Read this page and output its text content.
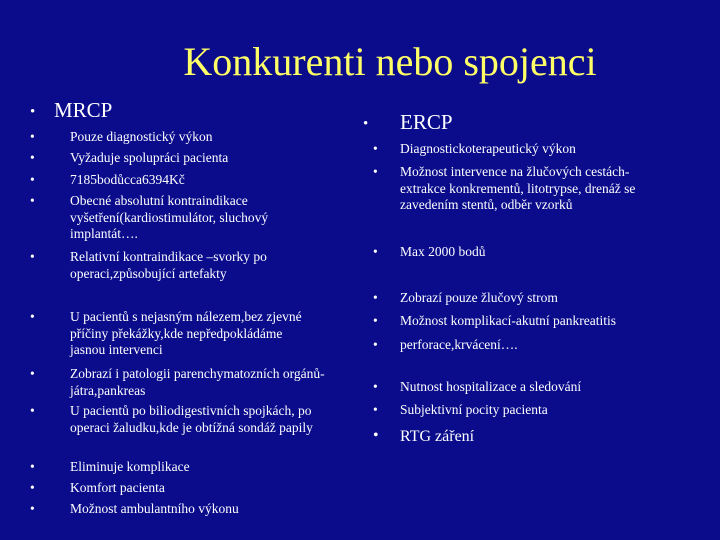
Konkurenti nebo spojenci
• MRCP
•	Pouze diagnostický výkon
•	Vyžaduje spolupráci pacienta
•	7185bodůcca6394Kč
•	Obecné absolutní kontraindikace vyšetření(kardiostimulátor, sluchový implantát….
•	Relativní kontraindikace –svorky po operaci,způsobující artefakty
•	U pacientů s nejasným nálezem,bez zjevné příčiny překážky,kde nepředpokládáme jasnou intervenci
•	Zobrazí i patologii parenchymatozních orgánů-játra,pankreas
•	U pacientů po biliodigestivních spojkách, po operaci žaludku,kde je obtížná sondáž papily
•	Eliminuje komplikace
•	Komfort pacienta
•	Možnost ambulantního výkonu
• ERCP
• Diagnostickoterapeutický výkon
• Možnost intervence na žlučových cestách-extrakce konkrementů, litotrypse, drenáž se zavedením stentů, odběr vzorků
• Max 2000 bodů
• Zobrazí pouze žlučový strom
• Možnost komplikací-akutní pankreatitis
• perforace,krvácení….
• Nutnost hospitalizace a sledování
• Subjektivní pocity pacienta
• RTG záření
